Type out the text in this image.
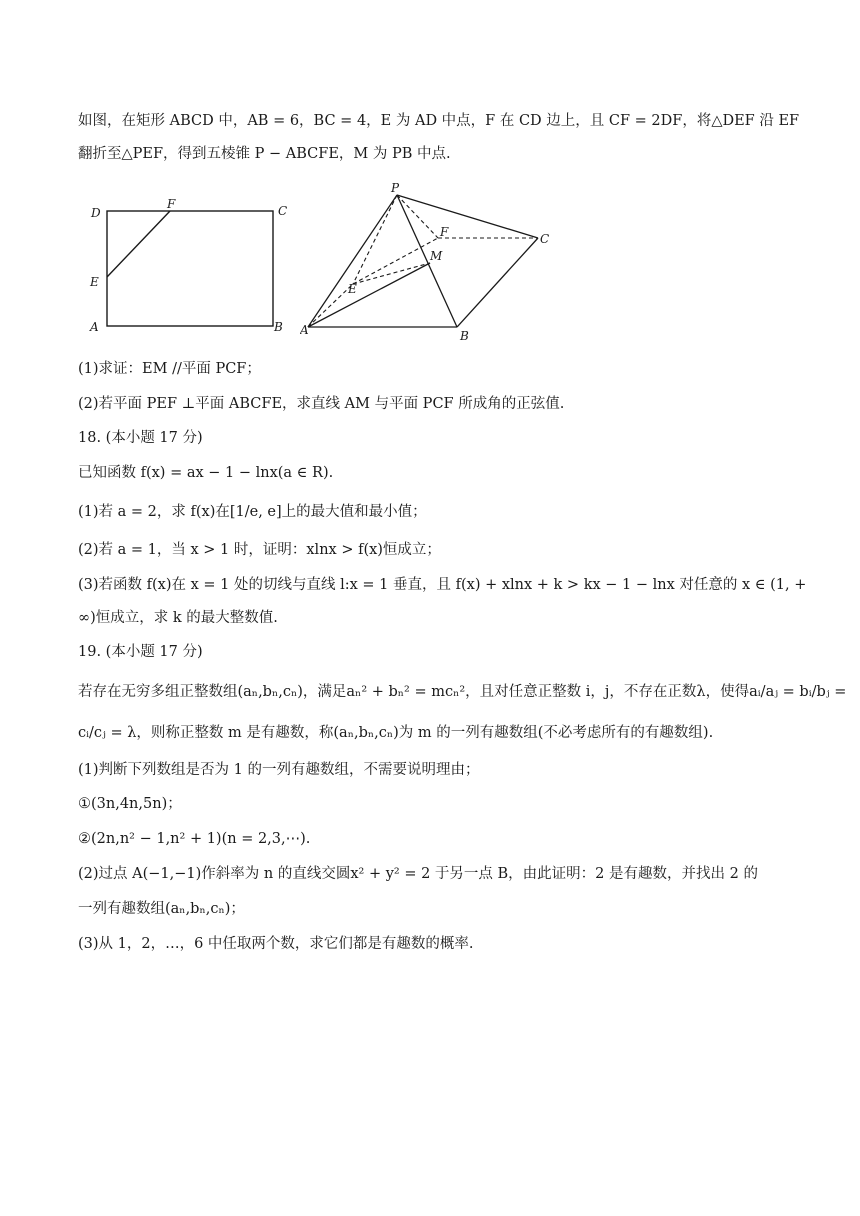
如图，在矩形 ABCD 中，AB = 6，BC = 4，E 为 AD 中点，F 在 CD 边上，且 CF = 2DF，将△DEF 沿 EF
翻折至△PEF，得到五棱锥 P − ABCFE，M 为 PB 中点.
D
F	C
E
A	B
P
F	C
M
E
A	B
(1)求证：EM //平面 PCF；
(2)若平面 PEF ⊥平面 ABCFE，求直线 AM 与平面 PCF 所成角的正弦值.
18. (本小题 17 分)
已知函数 f(x) = ax − 1 − lnx(a ∈ R).
(1)若 a = 2，求 f(x)在[1/e, e]上的最大值和最小值；
(2)若 a = 1，当 x > 1 时，证明：xlnx > f(x)恒成立；
(3)若函数 f(x)在 x = 1 处的切线与直线 l:x = 1 垂直，且 f(x) + xlnx + k > kx − 1 − lnx 对任意的 x ∈ (1, +
∞)恒成立，求 k 的最大整数值.
19. (本小题 17 分)
若存在无穷多组正整数组(aₙ,bₙ,cₙ)，满足aₙ² + bₙ² = mcₙ²，且对任意正整数 i，j，不存在正数λ，使得aᵢ/aⱼ = bᵢ/bⱼ =
cᵢ/cⱼ = λ，则称正整数 m 是有趣数，称(aₙ,bₙ,cₙ)为 m 的一列有趣数组(不必考虑所有的有趣数组).
(1)判断下列数组是否为 1 的一列有趣数组，不需要说明理由；
①(3n,4n,5n)；
②(2n,n² − 1,n² + 1)(n = 2,3,⋯).
(2)过点 A(−1,−1)作斜率为 n 的直线交圆x² + y² = 2 于另一点 B，由此证明：2 是有趣数，并找出 2 的
一列有趣数组(aₙ,bₙ,cₙ)；
(3)从 1，2，…，6 中任取两个数，求它们都是有趣数的概率.
